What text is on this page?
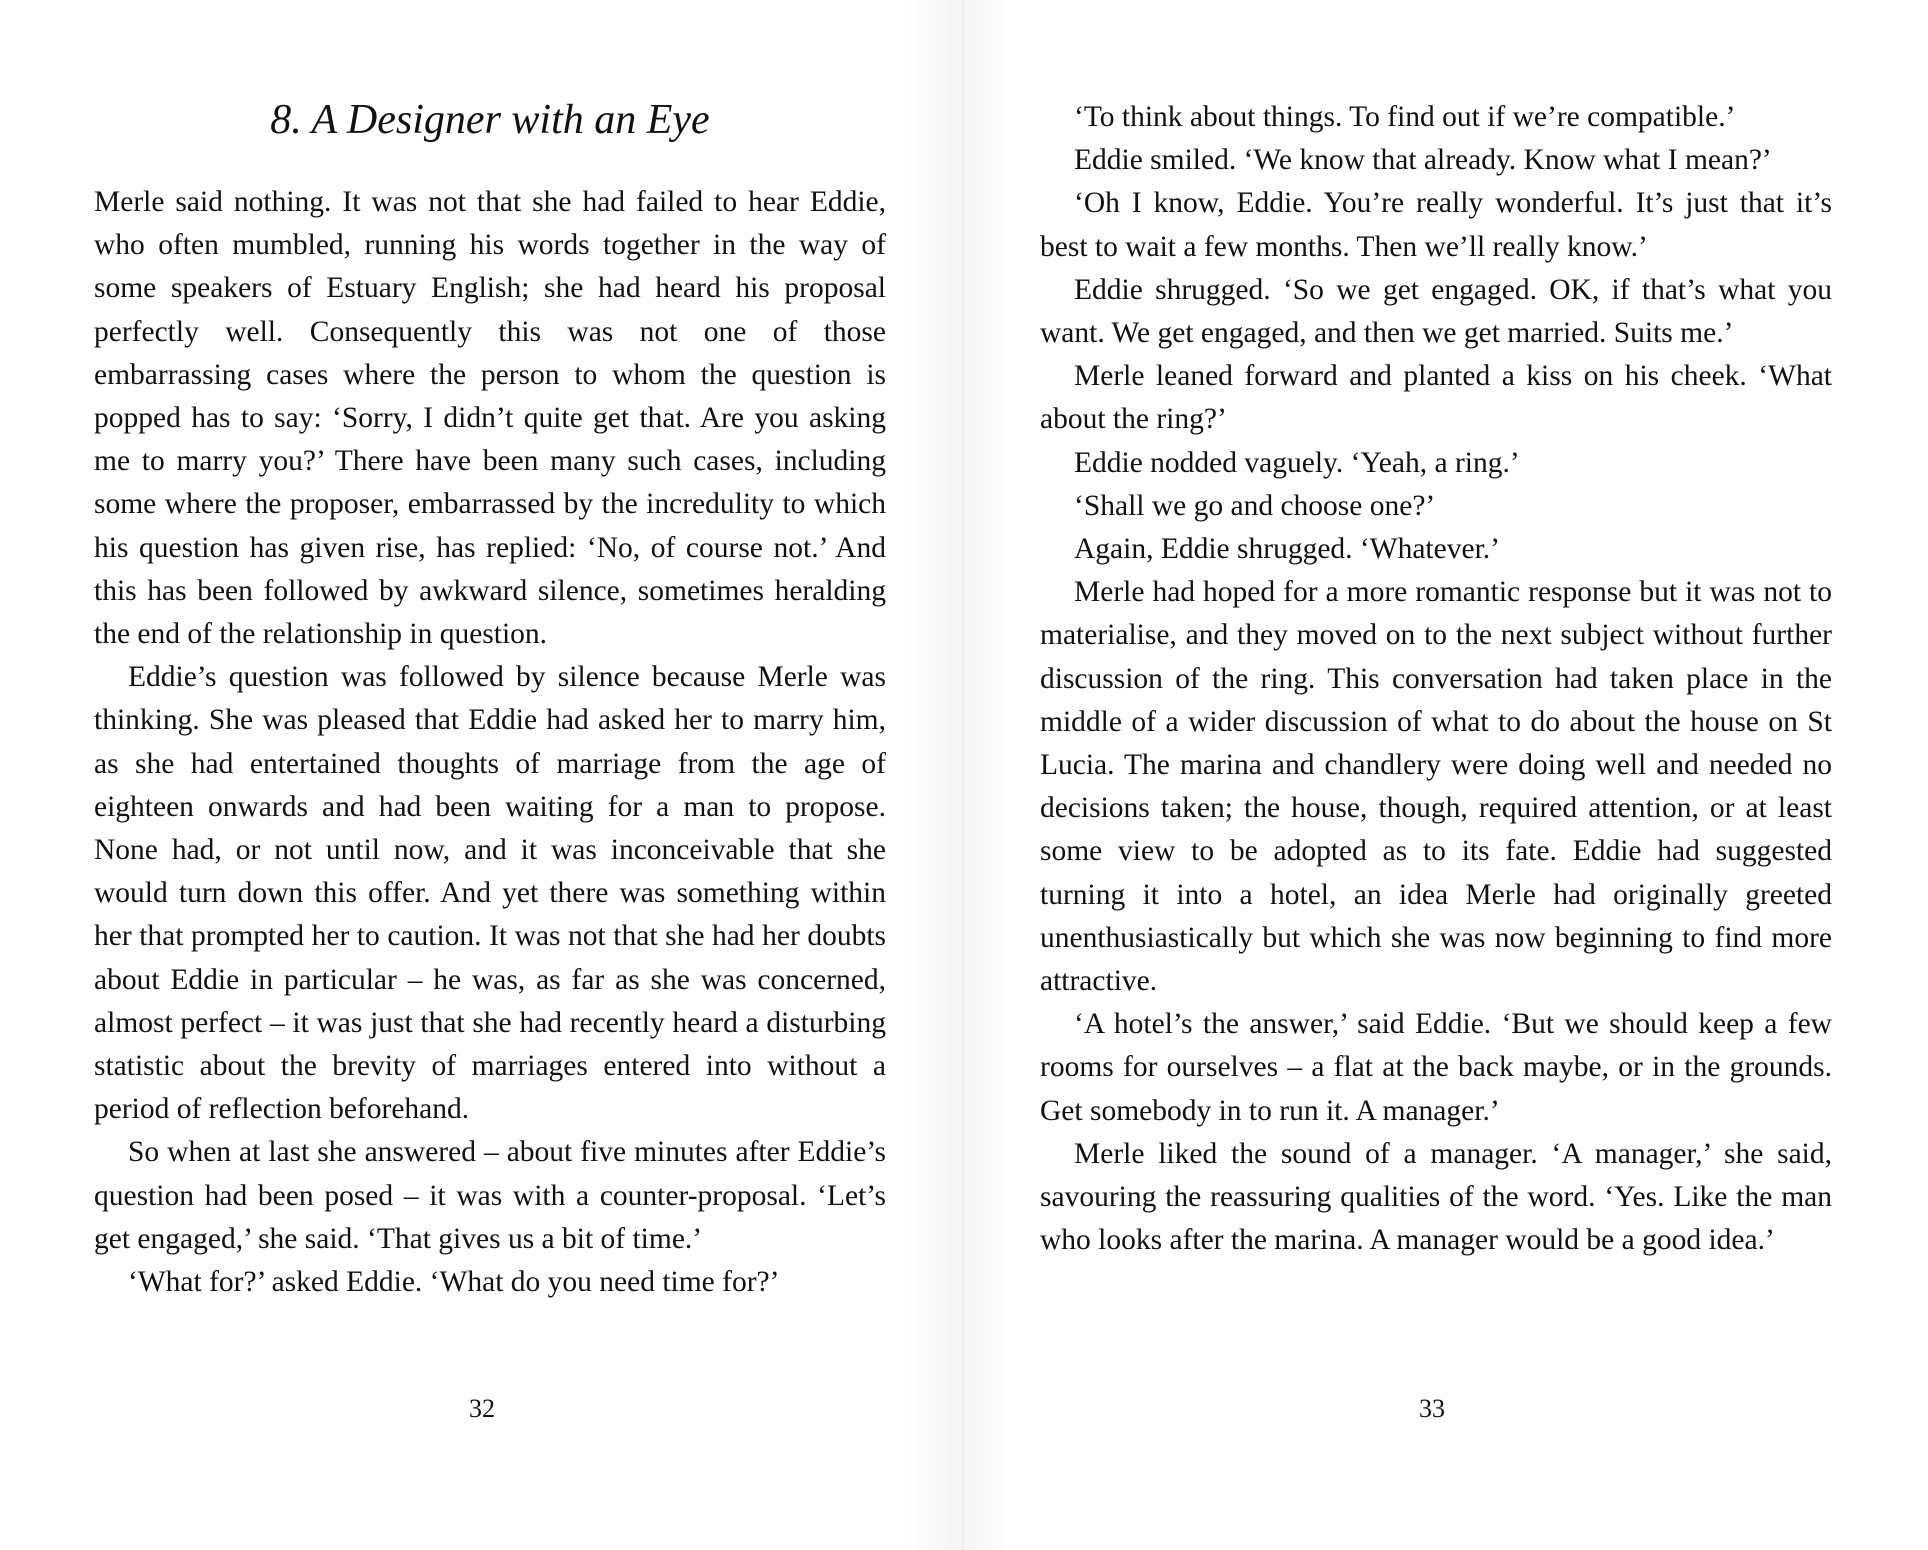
8. A Designer with an Eye

Merle said nothing. It was not that she had failed to hear Eddie, who often mumbled, running his words together in the way of some speakers of Estuary English; she had heard his proposal perfectly well. Consequently this was not one of those embarrassing cases where the person to whom the question is popped has to say: ‘Sorry, I didn’t quite get that. Are you asking me to marry you?’ There have been many such cases, including some where the proposer, embarrassed by the incredulity to which his question has given rise, has replied: ‘No, of course not.’ And this has been followed by awkward silence, sometimes heralding the end of the relationship in question.

Eddie’s question was followed by silence because Merle was thinking. She was pleased that Eddie had asked her to marry him, as she had entertained thoughts of marriage from the age of eighteen onwards and had been waiting for a man to propose. None had, or not until now, and it was inconceivable that she would turn down this offer. And yet there was something within her that prompted her to caution. It was not that she had her doubts about Eddie in particular – he was, as far as she was concerned, almost perfect – it was just that she had recently heard a disturbing statistic about the brevity of marriages entered into without a period of reflection beforehand.

So when at last she answered – about five minutes after Eddie’s question had been posed – it was with a counter-proposal. ‘Let’s get engaged,’ she said. ‘That gives us a bit of time.’

‘What for?’ asked Eddie. ‘What do you need time for?’

32

‘To think about things. To find out if we’re compatible.’

Eddie smiled. ‘We know that already. Know what I mean?’

‘Oh I know, Eddie. You’re really wonderful. It’s just that it’s best to wait a few months. Then we’ll really know.’

Eddie shrugged. ‘So we get engaged. OK, if that’s what you want. We get engaged, and then we get married. Suits me.’

Merle leaned forward and planted a kiss on his cheek. ‘What about the ring?’

Eddie nodded vaguely. ‘Yeah, a ring.’

‘Shall we go and choose one?’

Again, Eddie shrugged. ‘Whatever.’

Merle had hoped for a more romantic response but it was not to materialise, and they moved on to the next subject without further discussion of the ring. This conversation had taken place in the middle of a wider discussion of what to do about the house on St Lucia. The marina and chandlery were doing well and needed no decisions taken; the house, though, required attention, or at least some view to be adopted as to its fate. Eddie had suggested turning it into a hotel, an idea Merle had originally greeted unenthusiastically but which she was now beginning to find more attractive.

‘A hotel’s the answer,’ said Eddie. ‘But we should keep a few rooms for ourselves – a flat at the back maybe, or in the grounds. Get somebody in to run it. A manager.’

Merle liked the sound of a manager. ‘A manager,’ she said, savouring the reassuring qualities of the word. ‘Yes. Like the man who looks after the marina. A manager would be a good idea.’

33
